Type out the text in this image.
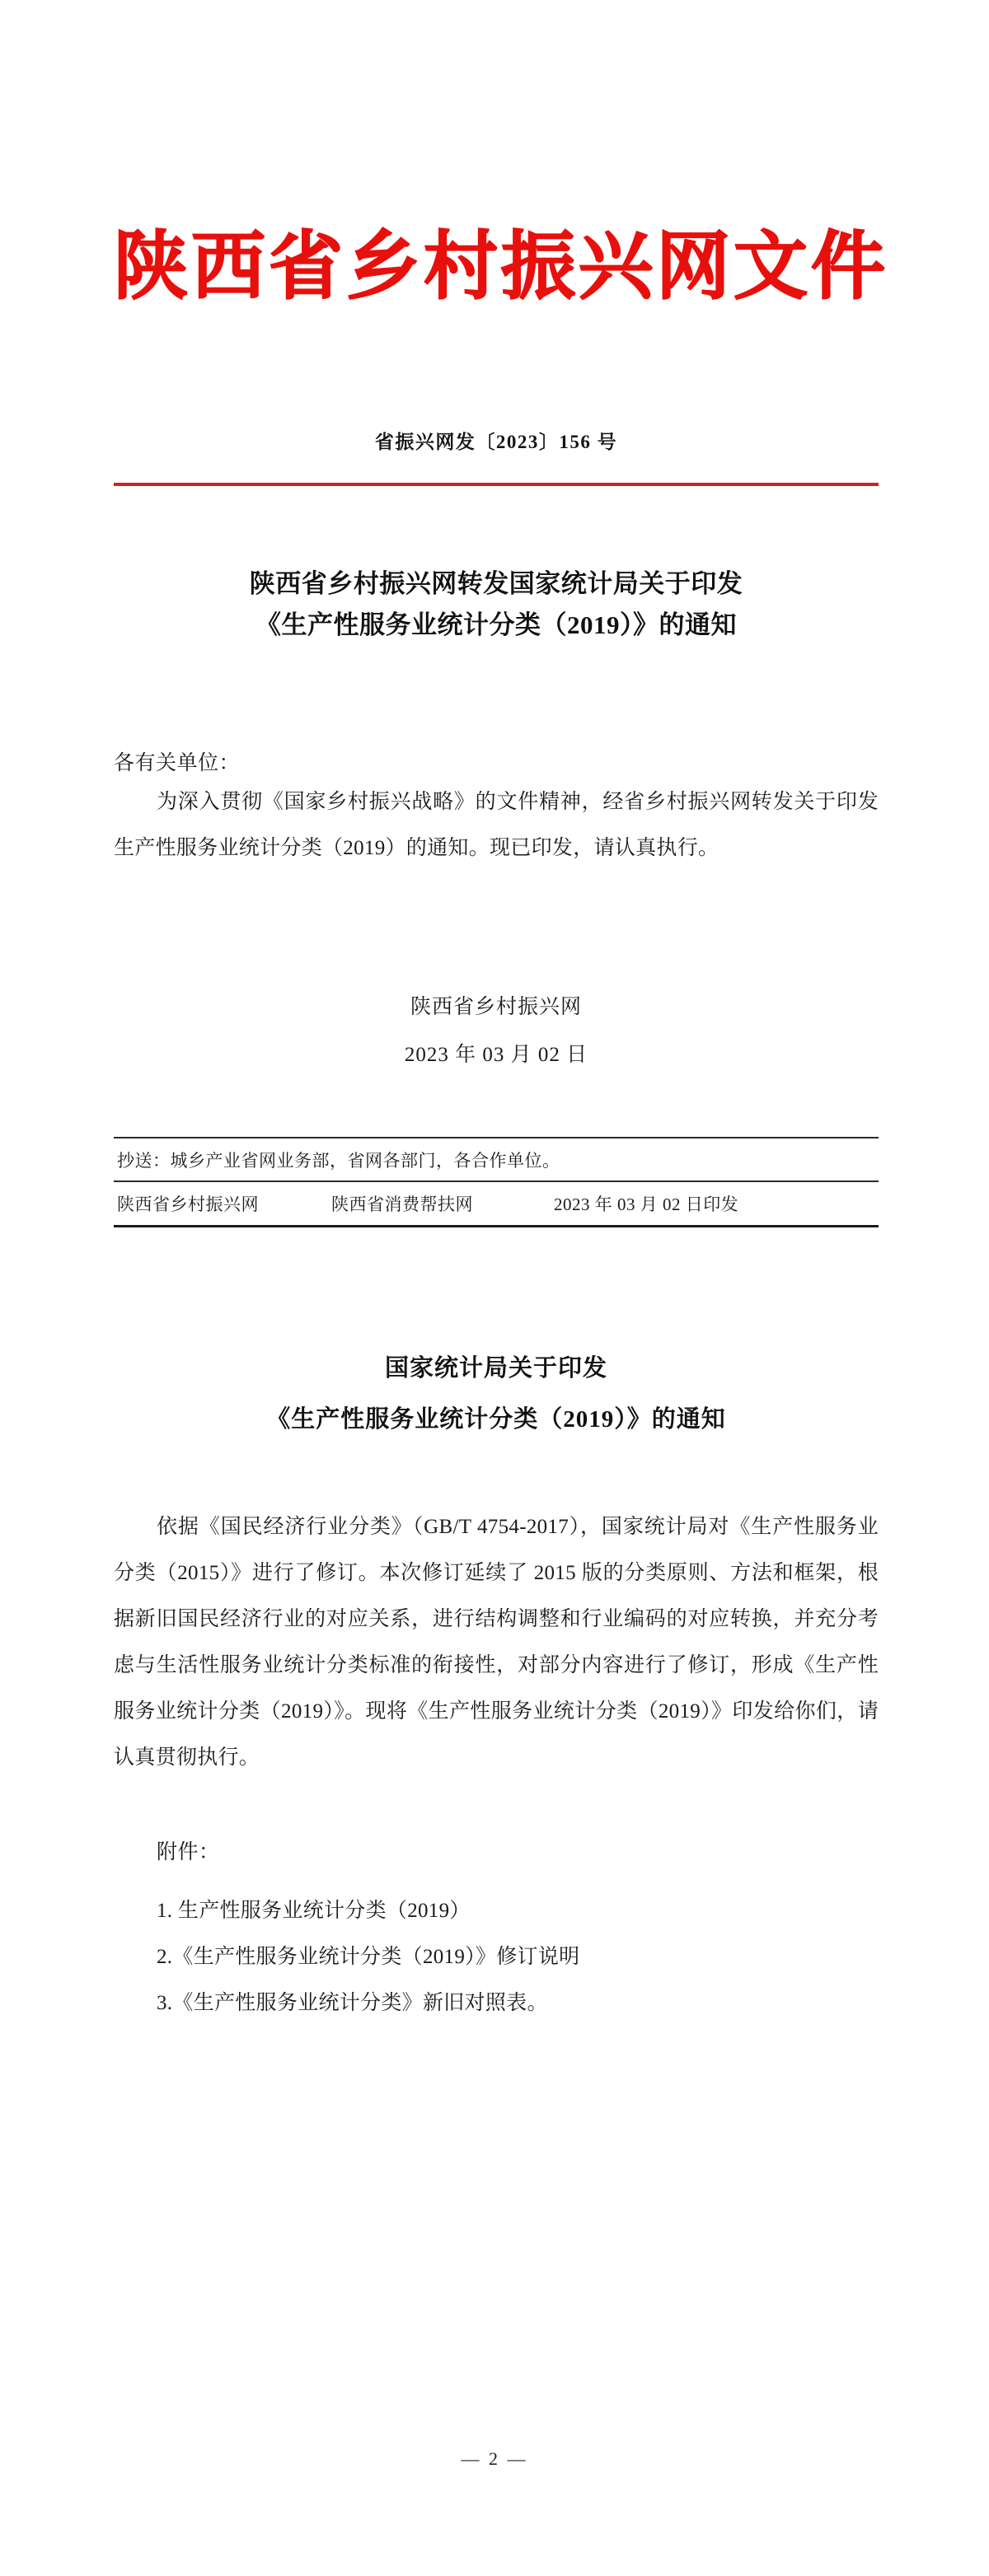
陕西省乡村振兴网文件
省振兴网发〔2023〕156 号
陕西省乡村振兴网转发国家统计局关于印发
《生产性服务业统计分类（2019）》的通知
各有关单位：
为深入贯彻《国家乡村振兴战略》的文件精神，经省乡村振兴网转发关于印发生产性服务业统计分类（2019）的通知。现已印发，请认真执行。
陕西省乡村振兴网
2023 年 03 月 02 日
抄送：城乡产业省网业务部，省网各部门，各合作单位。
陕西省乡村振兴网	陕西省消费帮扶网	2023 年 03 月 02 日印发
国家统计局关于印发
《生产性服务业统计分类（2019）》的通知
依据《国民经济行业分类》（GB/T 4754-2017），国家统计局对《生产性服务业分类（2015）》进行了修订。本次修订延续了 2015 版的分类原则、方法和框架，根据新旧国民经济行业的对应关系，进行结构调整和行业编码的对应转换，并充分考虑与生活性服务业统计分类标准的衔接性，对部分内容进行了修订，形成《生产性服务业统计分类（2019）》。现将《生产性服务业统计分类（2019）》印发给你们，请认真贯彻执行。
附件：
1. 生产性服务业统计分类（2019）
2.《生产性服务业统计分类（2019）》修订说明
3.《生产性服务业统计分类》新旧对照表。
— 2 —
